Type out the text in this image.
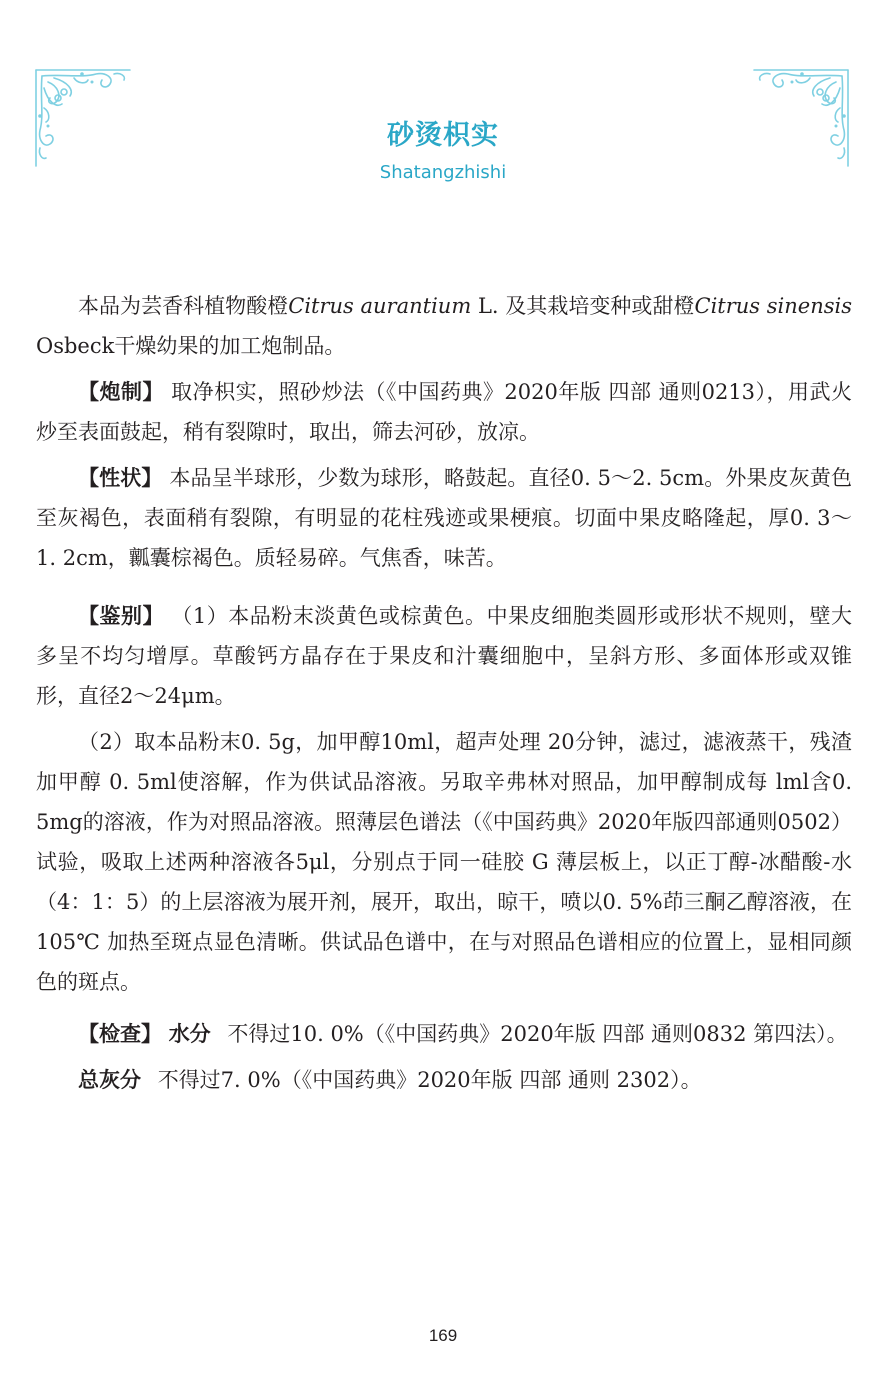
砂烫枳实
Shatangzhishi

本品为芸香科植物酸橙Citrus aurantium L. 及其栽培变种或甜橙Citrus sinensis Osbeck干燥幼果的加工炮制品。

【炮制】 取净枳实，照砂炒法（《中国药典》2020年版 四部 通则0213），用武火炒至表面鼓起，稍有裂隙时，取出，筛去河砂，放凉。

【性状】 本品呈半球形，少数为球形，略鼓起。直径0. 5～2. 5cm。外果皮灰黄色至灰褐色，表面稍有裂隙，有明显的花柱残迹或果梗痕。切面中果皮略隆起，厚0. 3～1. 2cm，瓤囊棕褐色。质轻易碎。气焦香，味苦。

【鉴别】 （1）本品粉末淡黄色或棕黄色。中果皮细胞类圆形或形状不规则，壁大多呈不均匀增厚。草酸钙方晶存在于果皮和汁囊细胞中，呈斜方形、多面体形或双锥形，直径2～24μm。

（2）取本品粉末0. 5g，加甲醇10ml，超声处理 20分钟，滤过，滤液蒸干，残渣加甲醇 0. 5ml使溶解，作为供试品溶液。另取辛弗林对照品，加甲醇制成每 lml含0. 5mg的溶液，作为对照品溶液。照薄层色谱法（《中国药典》2020年版四部通则0502）试验，吸取上述两种溶液各5μl，分别点于同一硅胶 G 薄层板上，以正丁醇-冰醋酸-水（4：1：5）的上层溶液为展开剂，展开，取出，晾干，喷以0. 5%茚三酮乙醇溶液，在105℃ 加热至斑点显色清晰。供试品色谱中，在与对照品色谱相应的位置上，显相同颜色的斑点。

【检查】 水分 不得过10. 0%（《中国药典》2020年版 四部 通则0832 第四法）。

总灰分 不得过7. 0%（《中国药典》2020年版 四部 通则 2302）。

169
